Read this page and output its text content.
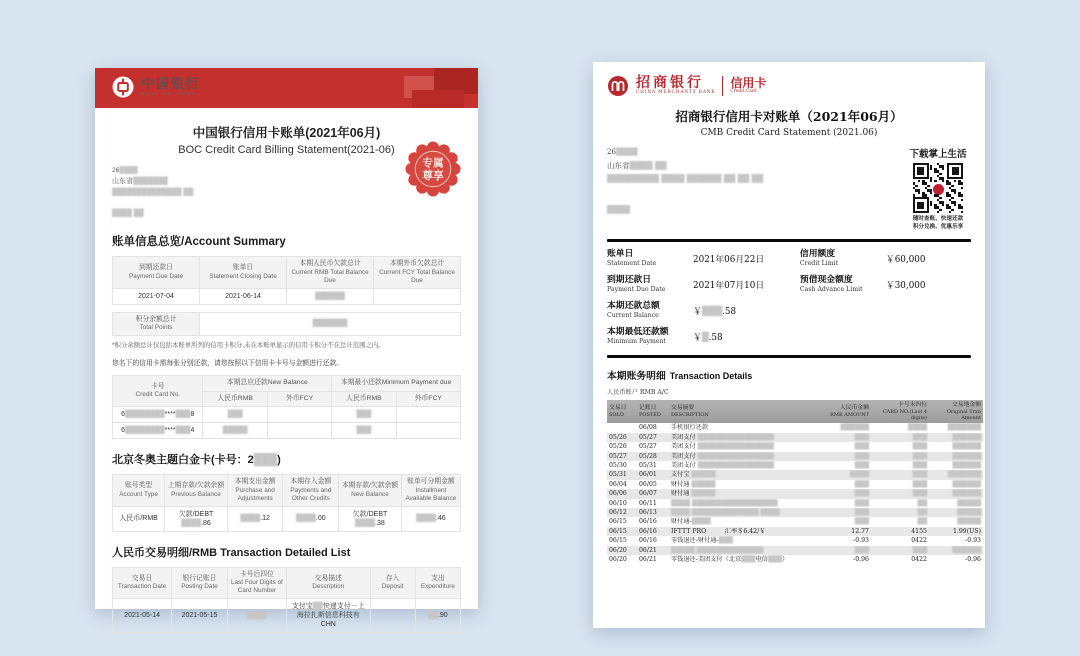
中国银行
BANK OF CHINA
专属
尊享
中国银行信用卡账单(2021年06月)
BOC Credit Card Billing Statement(2021-06)
26████
山东省███████
██████████████ ██
████ ██
账单信息总览/Account Summary
到期还款日
Payment Due Date

账单日
Statement Closing Date

本期人民币欠款总计
Current RMB Total Balance Due

本期外币欠款总计
Current FCY Total Balance Due

2021-07-04	2021-06-14	██████	
积分余额总计
Total Points
	███████
*积分余额总计仅包括本账单所列的信用卡积分,未在本账单显示的信用卡积分不在总计范围之内。
您名下的信用卡需每张分别还款，请您按照以下信用卡卡号与金额进行还款。
卡号
Credit Card No.	本期总应还款New Balance		本期最小还款Minimum Payment due	

	人民币RMB	外币FCY	人民币RMB	外币FCY

6████████****███8	███		███	
6████████****███4	█████		███	
北京冬奥主题白金卡(卡号：2███)
账号类型
Account Type

上期存款/欠款余额
Previous Balance

本期支出金额
Purchase and Adjustments

本期存入金额
Payments and Other Credits

本期存款/欠款余额
New Balance

账单可分期金额
Installment Available Balance

人民币/RMB	欠款/DEBT ████.86	████.12	████.00	欠款/DEBT ████.38	████.46
人民币交易明细/RMB Transaction Detailed List
交易日
Transaction Date

银行记账日
Posting Date

卡号后四位
Last Four Digits of Card Number

交易描述
Description

存入
Deposit

支出
Expenditure

2021-05-14	2021-05-15	████	支付宝██快递支付－上海拉扎斯信息科技有 CHN		██.90
招商银行
CHINA MERCHANTS BANK
信用卡
Credit Card
招商银行信用卡对账单（2021年06月）
CMB Credit Card Statement (2021.06)
26████
山东省████ ██
█████████ ████ ██████ ██ ██ ██
████
下载掌上生活
随时查账、快速还款
积分兑换、优惠乐享
账单日
Statement Date	2021年06月22日
到期还款日
Payment Due Date	2021年07月10日
本期还款总额
Current Balance	￥███.58
本期最低还款额
Minimum Payment	￥█.58
信用额度
Credit Limit	￥60,000
预借现金额度
Cash Advance Limit	￥30,000
本期账务明细 Transaction Details
人民币账户 RMB A/C
交易日
SOLD

记账日
POSTED

交易摘要
DESCRIPTION

人民币金额
RMB AMOUNT

卡号末四位
CARD NO.(Last 4 digits)

交易地金额
Original Trxn Amount

	06/08	手机银行还款	██████	████	███████
05/26	05/27	美团支付 ████████████████	███	███	██████
05/26	05/27	美团支付 ████████████████	███	███	██████
05/27	05/28	美团支付 ████████████████	███	███	██████
05/30	05/31	美团支付 ████████████████	███	███	██████
05/31	06/01	支付宝 █████	████	███	███████
06/04	06/05	财付通 █████	███	███	██████
06/06	06/07	财付通 █████	███	███	██████
06/10	06/11	████ ██████████████████	███	██	█████
06/12	06/13	████ ██████████████ ████	███	██	█████
06/15	06/16	财付通-████	███	██	█████
06/15	06/16	IFTTT PRO　　　汇率＄6.42/￥	12.77	4155	1.99(US)
06/15	06/16	零钱退还-财付通-███	-0.93	0422	-0.93
06/20	06/21	█████ ██████████████	███	███	██████
06/20	06/21	零钱退还-美团支付（北京███电信███）	-0.96	0422	-0.96
